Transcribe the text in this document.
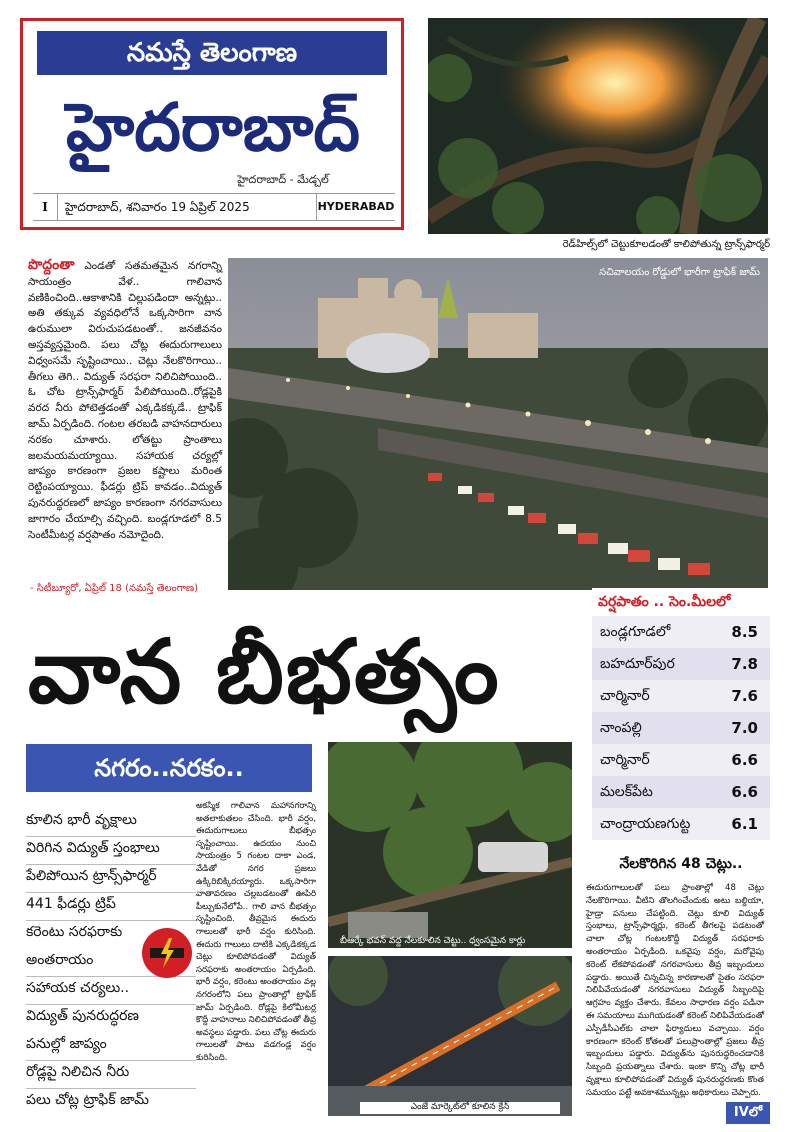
నమస్తే తెలంగాణ
హైదరాబాద్
హైదరాబాద్ - మేడ్చల్
I	హైదరాబాద్, శనివారం 19 ఏప్రిల్ 2025	HYDERABAD
రెడ్‌హిల్స్‌లో చెట్టుకూలడంతో కాలిపోతున్న ట్రాన్స్‌ఫార్మర్
సచివాలయం రోడ్డులో భారీగా ట్రాఫిక్ జామ్
పొద్దంతా ఎండతో సతమతమైన నగరాన్ని సాయంత్రం వేళ.. గాలివాన వణికించింది..ఆకాశానికి చిల్లుపడిందా అన్నట్లు.. అతి తక్కువ వ్యవధిలోనే ఒక్కసారిగా వాన ఉరుములా విరుచుపడటంతో.. జనజీవనం అస్తవ్యస్తమైంది. పలు చోట్ల ఈదురుగాలులు విధ్వంసమే సృష్టించాయి.. చెట్లు నేలకొరిగాయి.. తీగలు తెగి.. విద్యుత్ సరఫరా నిలిచిపోయింది.. ఓ చోట ట్రాన్స్‌ఫార్మర్ పేలిపోయింది..రోడ్లపైకి వరద నీరు పోటెత్తడంతో ఎక్కడికక్కడే.. ట్రాఫిక్ జామ్ ఏర్పడింది. గంటల తరబడి వాహనదారులు నరకం చూశారు. లోతట్టు ప్రాంతాలు జలమయమయ్యాయి. సహాయక చర్యల్లో జాప్యం కారణంగా ప్రజల కష్టాలు మరింత రెట్టింపయ్యాయి. ఫీడర్లు ట్రిప్ కావడం..విద్యుత్ పునరుద్ధరణలో జాప్యం కారణంగా నగరవాసులు జాగారం చేయాల్సి వచ్చింది. బండ్లగూడలో 8.5 సెంటీమీటర్ల వర్షపాతం నమోదైంది.
- సిటీబ్యూరో, ఏప్రిల్ 18 (నమస్తే తెలంగాణ)
వర్షపాతం .. సెం.మీలలో
బండ్లగూడలో	8.5
బహదూర్‌పుర	7.8
చార్మినార్	7.6
నాంపల్లి	7.0
చార్మినార్	6.6
మలక్‌పేట	6.6
చాంద్రాయణగుట్ట	6.1
వాన బీభత్సం
నగరం..నరకం..
కూలిన భారీ వృక్షాలు
విరిగిన విద్యుత్ స్తంభాలు
పేలిపోయిన ట్రాన్స్‌ఫార్మర్
441 ఫీడర్లు ట్రిప్
కరెంటు సరఫరాకు
అంతరాయం
సహాయక చర్యలు..
విద్యుత్ పునరుద్ధరణ
పనుల్లో జాప్యం
రోడ్లపై నిలిచిన నీరు
పలు చోట్ల ట్రాఫిక్ జామ్
అకస్మిక గాలివాన మహానగరాన్ని అతలాకుతలం చేసింది. భారీ వర్షం, ఈదురుగాలులు బీభత్సం సృష్టించాయి. ఉదయం నుంచి సాయంత్రం 5 గంటల దాకా ఎండ, వేడితో నగర ప్రజలు ఉక్కిరిబిక్కిరయ్యారు. ఒక్కసారిగా వాతావరణం చల్లబడటంతో ఊపిరి పీల్చుకునేలోపే.. గాలి వాన బీభత్సం సృష్టించింది. తీవ్రమైన ఈదురు గాలులతో భారీ వర్షం కురిసింది. ఈదురు గాలులు దాటికి ఎక్కడికక్కడ చెట్లు కూలిపోవడంతో విద్యుత్ సరఫరాకు అంతరాయం ఏర్పడింది. భారీ వర్షం, కరెంటు అంతరాయం వల్ల నగరంలోని పలు ప్రాంతాల్లో ట్రాఫిక్ జామ్ ఏర్పడింది. రోడ్లపై కిలోమీటర్ల కొద్దీ వాహనాలు నిలిచిపోవడంతో తీవ్ర అవస్థలు పడ్డారు. పలు చోట్ల ఈదురు గాలులతో పాటు వడగండ్ల వర్షం కురిసింది.
బీఆర్కే భవన్ వద్ద నేలకూలిన చెట్టు.. ధ్వంసమైన కార్లు
ఎంజే మార్కెట్‌లో కూలిన క్రేన్
నేలకొరిగిన 48 చెట్లు..
ఈదురుగాలులతో పలు ప్రాంతాల్లో 48 చెట్లు నేలకొరిగాయి. వీటిని తొలగించేందుకు అటు బల్దియా, హైడ్రా పనులు చేపట్టింది. చెట్లు కూలి విద్యుత్ స్తంభాలు, ట్రాన్స్‌ఫార్మర్లు, కరెంట్ తీగలపై పడటంతో చాలా చోట్ల గంటలకొద్దీ విద్యుత్ సరఫరాకు అంతరాయం ఏర్పడింది. ఒకవైపు వర్షం, మరోవైపు కరెంట్ లేకపోవడంతో నగరవాసులు తీవ్ర ఇబ్బందులు పడ్డారు. అయితే చిన్నచిన్న కారణాలతో సైతం సరఫరా నిలిపివేయడంతో నగరవాసులు విద్యుత్ సిబ్బందిపై ఆగ్రహం వ్యక్తం చేశారు. కేవలం సాధారణ వర్షం పడినా ఈ సమయాలు ముగియడంతో కరెంట్ నిలిపివేయడంతో ఎస్పీడీసీఎల్‌కు చాలా ఫిర్యాదులు వచ్చాయి. వర్షం కారణంగా కరెంట్ కోతలతో పలుప్రాంతాల్లో ప్రజలు తీవ్ర ఇబ్బందులు పడ్డారు. విద్యుత్‌ను పునరుద్ధరించడానికి సిబ్బంది ప్రయత్నాలు చేశారు. ఇంకా కొన్ని చోట్ల భారీ వృక్షాలు కూలిపోవడంతో విద్యుత్ పునరుద్ధరణకు కొంత సమయం పట్టే అవకాశమున్నట్లు అధికారులు చెప్పారు.
IVలో
